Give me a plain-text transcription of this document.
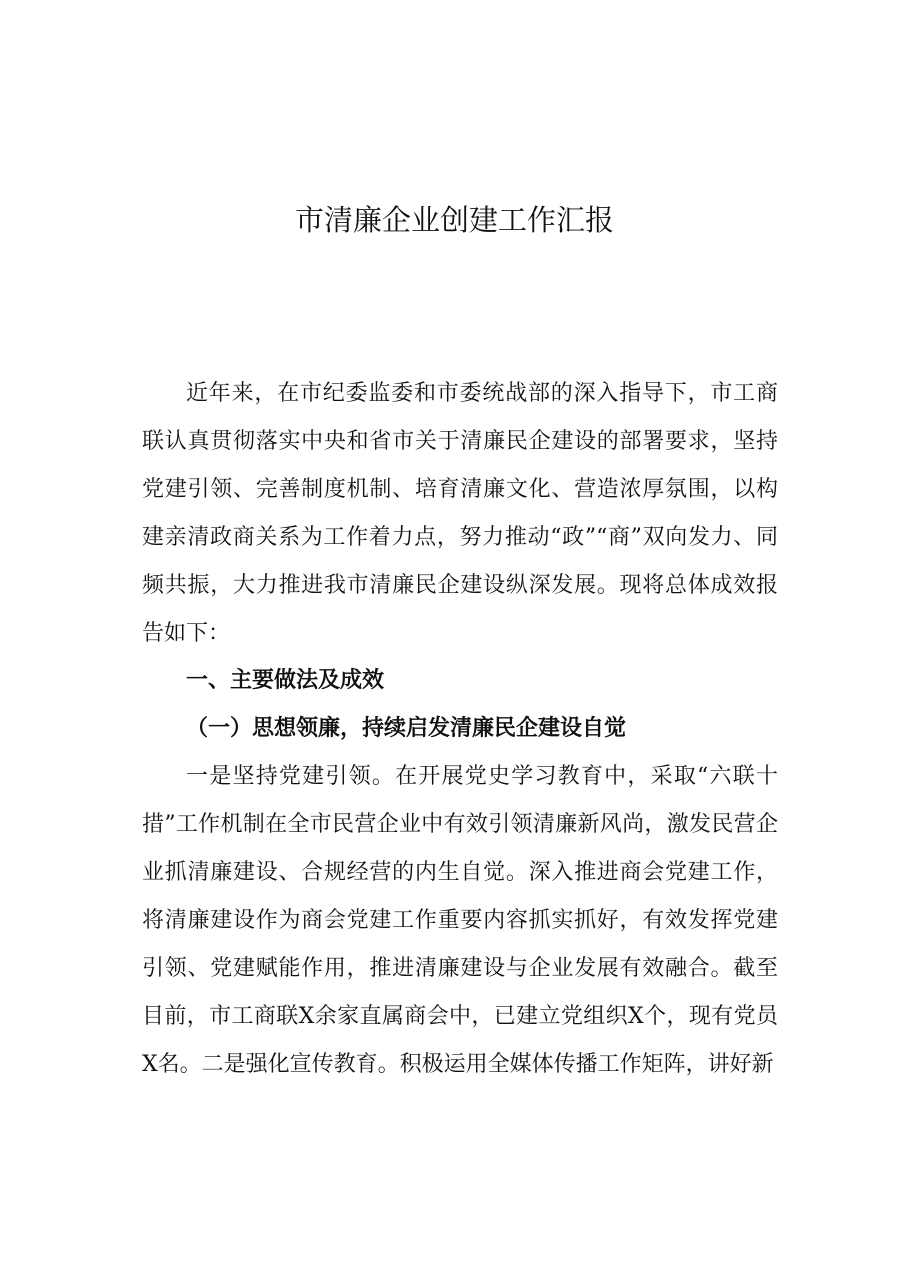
市清廉企业创建工作汇报

近年来，在市纪委监委和市委统战部的深入指导下，市工商联认真贯彻落实中央和省市关于清廉民企建设的部署要求，坚持党建引领、完善制度机制、培育清廉文化、营造浓厚氛围，以构建亲清政商关系为工作着力点，努力推动“政”“商”双向发力、同频共振，大力推进我市清廉民企建设纵深发展。现将总体成效报告如下：

一、主要做法及成效

（一）思想领廉，持续启发清廉民企建设自觉

一是坚持党建引领。在开展党史学习教育中，采取“六联十措”工作机制在全市民营企业中有效引领清廉新风尚，激发民营企业抓清廉建设、合规经营的内生自觉。深入推进商会党建工作，将清廉建设作为商会党建工作重要内容抓实抓好，有效发挥党建引领、党建赋能作用，推进清廉建设与企业发展有效融合。截至目前，市工商联X余家直属商会中，已建立党组织X个，现有党员X名。二是强化宣传教育。积极运用全媒体传播工作矩阵，讲好新
